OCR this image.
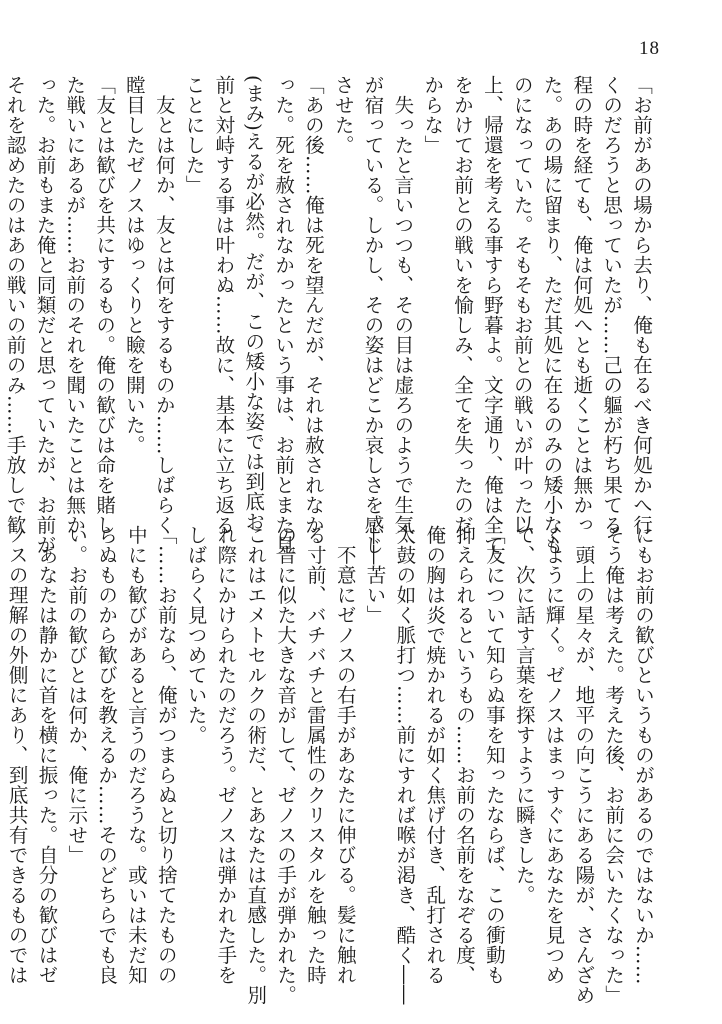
18
「お前があの場から去り、俺も在るべき何処かへ行
くのだろうと思っていたが……己の軀が朽ち果てる
程の時を経ても、俺は何処へとも逝くことは無かっ
た。あの場に留まり、ただ其処に在るのみの矮小なも
のになっていた。そもそもお前との戦いが叶った以
上、帰還を考える事すら野暮よ。文字通り、俺は全て
をかけてお前との戦いを愉しみ、全てを失ったのだ
からな」
　失ったと言いつつも、その目は虚ろのようで生気
が宿っている。しかし、その姿はどこか哀しさを感じ
させた。
「あの後……俺は死を望んだが、それは赦されなか
った。死を赦されなかったという事は、お前とまた見
(まみ)えるが必然。だが、この矮小な姿では到底お
前と対峙する事は叶わぬ……故に、基本に立ち返る
ことにした」
　友とは何か、友とは何をするものか……しばらく
瞠目したゼノスはゆっくりと瞼を開いた。
「友とは歓びを共にするもの。俺の歓びは命を賭し
た戦いにあるが……お前のそれを聞いたことは無か
った。お前もまた俺と同類だと思っていたが、お前が
それを認めたのはあの戦いの前のみ……手放しで歓
にもお前の歓びというものがあるのではないか……
そう俺は考えた。考えた後、お前に会いたくなった」
　頭上の星々が、地平の向こうにある陽が、さんざめ
くように輝く。ゼノスはまっすぐにあなたを見つめ
て、次に話す言葉を探すように瞬きした。
「友について知らぬ事を知ったならば、この衝動も
抑えられるというもの……お前の名前をなぞる度、
俺の胸は炎で焼かれるが如く焦げ付き、乱打される
太鼓の如く脈打つ……前にすれば喉が渇き、酷く――
――苦い」
　不意にゼノスの右手があなたに伸びる。髪に触れ
る寸前、バチバチと雷属性のクリスタルを触った時
の音に似た大きな音がして、ゼノスの手が弾かれた。
これはエメトセルクの術だ、とあなたは直感した。別
れ際にかけられたのだろう。ゼノスは弾かれた手を
しばらく見つめていた。
「……お前なら、俺がつまらぬと切り捨てたものの
中にも歓びがあると言うのだろうな。或いは未だ知
らぬものから歓びを教えるか……そのどちらでも良
い。お前の歓びとは何か、俺に示せ」
　あなたは静かに首を横に振った。自分の歓びはゼ
ノスの理解の外側にあり、到底共有できるものでは
